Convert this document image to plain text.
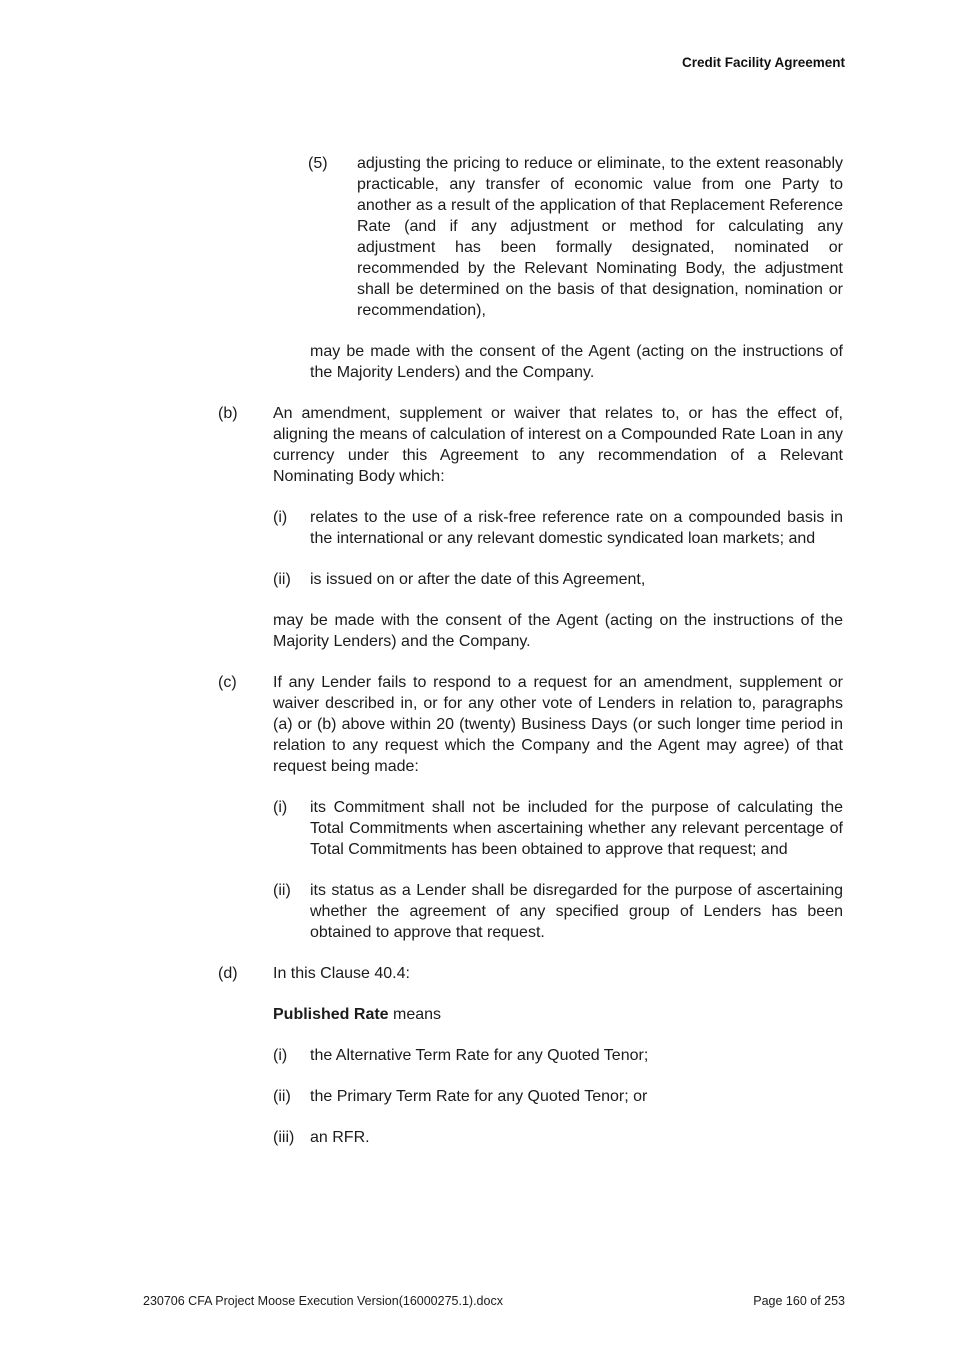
Credit Facility Agreement
(5) adjusting the pricing to reduce or eliminate, to the extent reasonably practicable, any transfer of economic value from one Party to another as a result of the application of that Replacement Reference Rate (and if any adjustment or method for calculating any adjustment has been formally designated, nominated or recommended by the Relevant Nominating Body, the adjustment shall be determined on the basis of that designation, nomination or recommendation),
may be made with the consent of the Agent (acting on the instructions of the Majority Lenders) and the Company.
(b) An amendment, supplement or waiver that relates to, or has the effect of, aligning the means of calculation of interest on a Compounded Rate Loan in any currency under this Agreement to any recommendation of a Relevant Nominating Body which:
(i) relates to the use of a risk-free reference rate on a compounded basis in the international or any relevant domestic syndicated loan markets; and
(ii) is issued on or after the date of this Agreement,
may be made with the consent of the Agent (acting on the instructions of the Majority Lenders) and the Company.
(c) If any Lender fails to respond to a request for an amendment, supplement or waiver described in, or for any other vote of Lenders in relation to, paragraphs (a) or (b) above within 20 (twenty) Business Days (or such longer time period in relation to any request which the Company and the Agent may agree) of that request being made:
(i) its Commitment shall not be included for the purpose of calculating the Total Commitments when ascertaining whether any relevant percentage of Total Commitments has been obtained to approve that request; and
(ii) its status as a Lender shall be disregarded for the purpose of ascertaining whether the agreement of any specified group of Lenders has been obtained to approve that request.
(d) In this Clause 40.4:
Published Rate means
(i) the Alternative Term Rate for any Quoted Tenor;
(ii) the Primary Term Rate for any Quoted Tenor; or
(iii) an RFR.
230706 CFA Project Moose Execution Version(16000275.1).docx	Page 160 of 253
